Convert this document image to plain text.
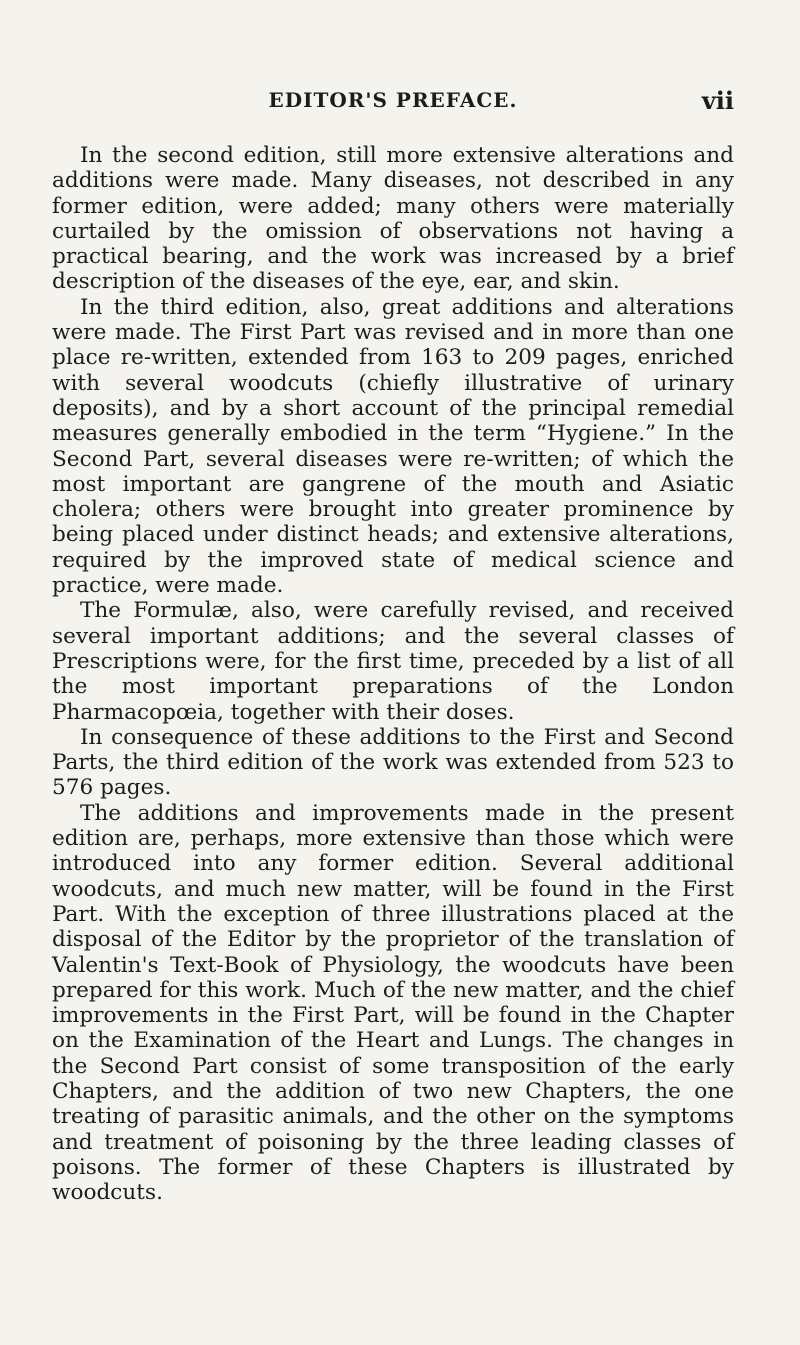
EDITOR'S PREFACE.	vii

In the second edition, still more extensive alterations and additions were made. Many diseases, not described in any former edition, were added; many others were materially curtailed by the omission of observations not having a practical bearing, and the work was increased by a brief description of the diseases of the eye, ear, and skin.

In the third edition, also, great additions and alterations were made. The First Part was revised and in more than one place re-written, extended from 163 to 209 pages, enriched with several woodcuts (chiefly illustrative of urinary deposits), and by a short account of the principal remedial measures generally embodied in the term “Hygiene.” In the Second Part, several diseases were re-written; of which the most important are gangrene of the mouth and Asiatic cholera; others were brought into greater prominence by being placed under distinct heads; and extensive alterations, required by the improved state of medical science and practice, were made.

The Formulæ, also, were carefully revised, and received several important additions; and the several classes of Prescriptions were, for the first time, preceded by a list of all the most important preparations of the London Pharmacopœia, together with their doses.

In consequence of these additions to the First and Second Parts, the third edition of the work was extended from 523 to 576 pages.

The additions and improvements made in the present edition are, perhaps, more extensive than those which were introduced into any former edition. Several additional woodcuts, and much new matter, will be found in the First Part. With the exception of three illustrations placed at the disposal of the Editor by the proprietor of the translation of Valentin's Text-Book of Physiology, the woodcuts have been prepared for this work. Much of the new matter, and the chief improvements in the First Part, will be found in the Chapter on the Examination of the Heart and Lungs. The changes in the Second Part consist of some transposition of the early Chapters, and the addition of two new Chapters, the one treating of parasitic animals, and the other on the symptoms and treatment of poisoning by the three leading classes of poisons. The former of these Chapters is illustrated by woodcuts.
